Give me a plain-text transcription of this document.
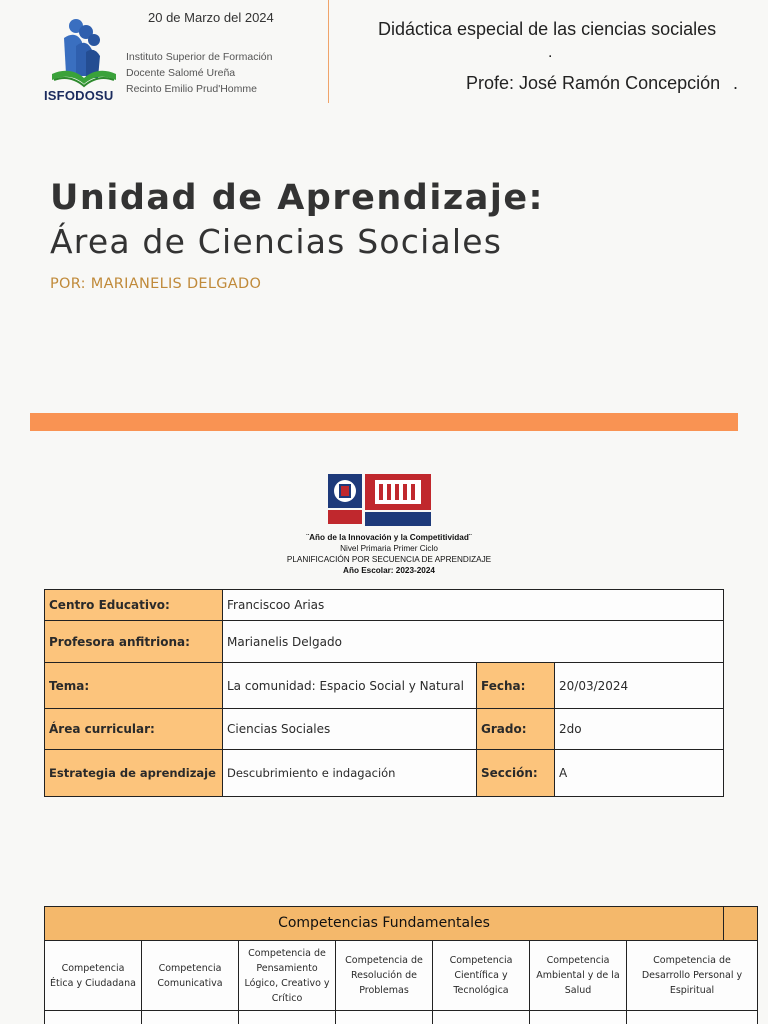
ISFODOSU
20 de Marzo del 2024
Instituto Superior de Formación
Docente Salomé Ureña
Recinto Emilio Prud'Homme
Didáctica especial de las ciencias sociales
.
Profe: José Ramón Concepción .
Unidad de Aprendizaje:
Área de Ciencias Sociales
POR: MARIANELIS DELGADO
¨Año de la Innovación y la Competitividad¨
Nivel Primaria Primer Ciclo
PLANIFICACIÓN POR SECUENCIA DE APRENDIZAJE
Año Escolar: 2023-2024
Centro Educativo:	Franciscoo Arias		
Profesora anfitriona:	Marianelis Delgado		
Tema:	La comunidad: Espacio Social y Natural	Fecha:	20/03/2024
Área curricular:	Ciencias Sociales	Grado:	2do
Estrategia de aprendizaje	Descubrimiento e indagación	Sección:	A
Competencias Fundamentales							
Competencia Ética y Ciudadana	Competencia Comunicativa	Competencia de Pensamiento Lógico, Creativo y Crítico	Competencia de Resolución de Problemas	Competencia Científica y Tecnológica	Competencia Ambiental y de la Salud	Competencia de Desarrollo Personal y Espiritual	
